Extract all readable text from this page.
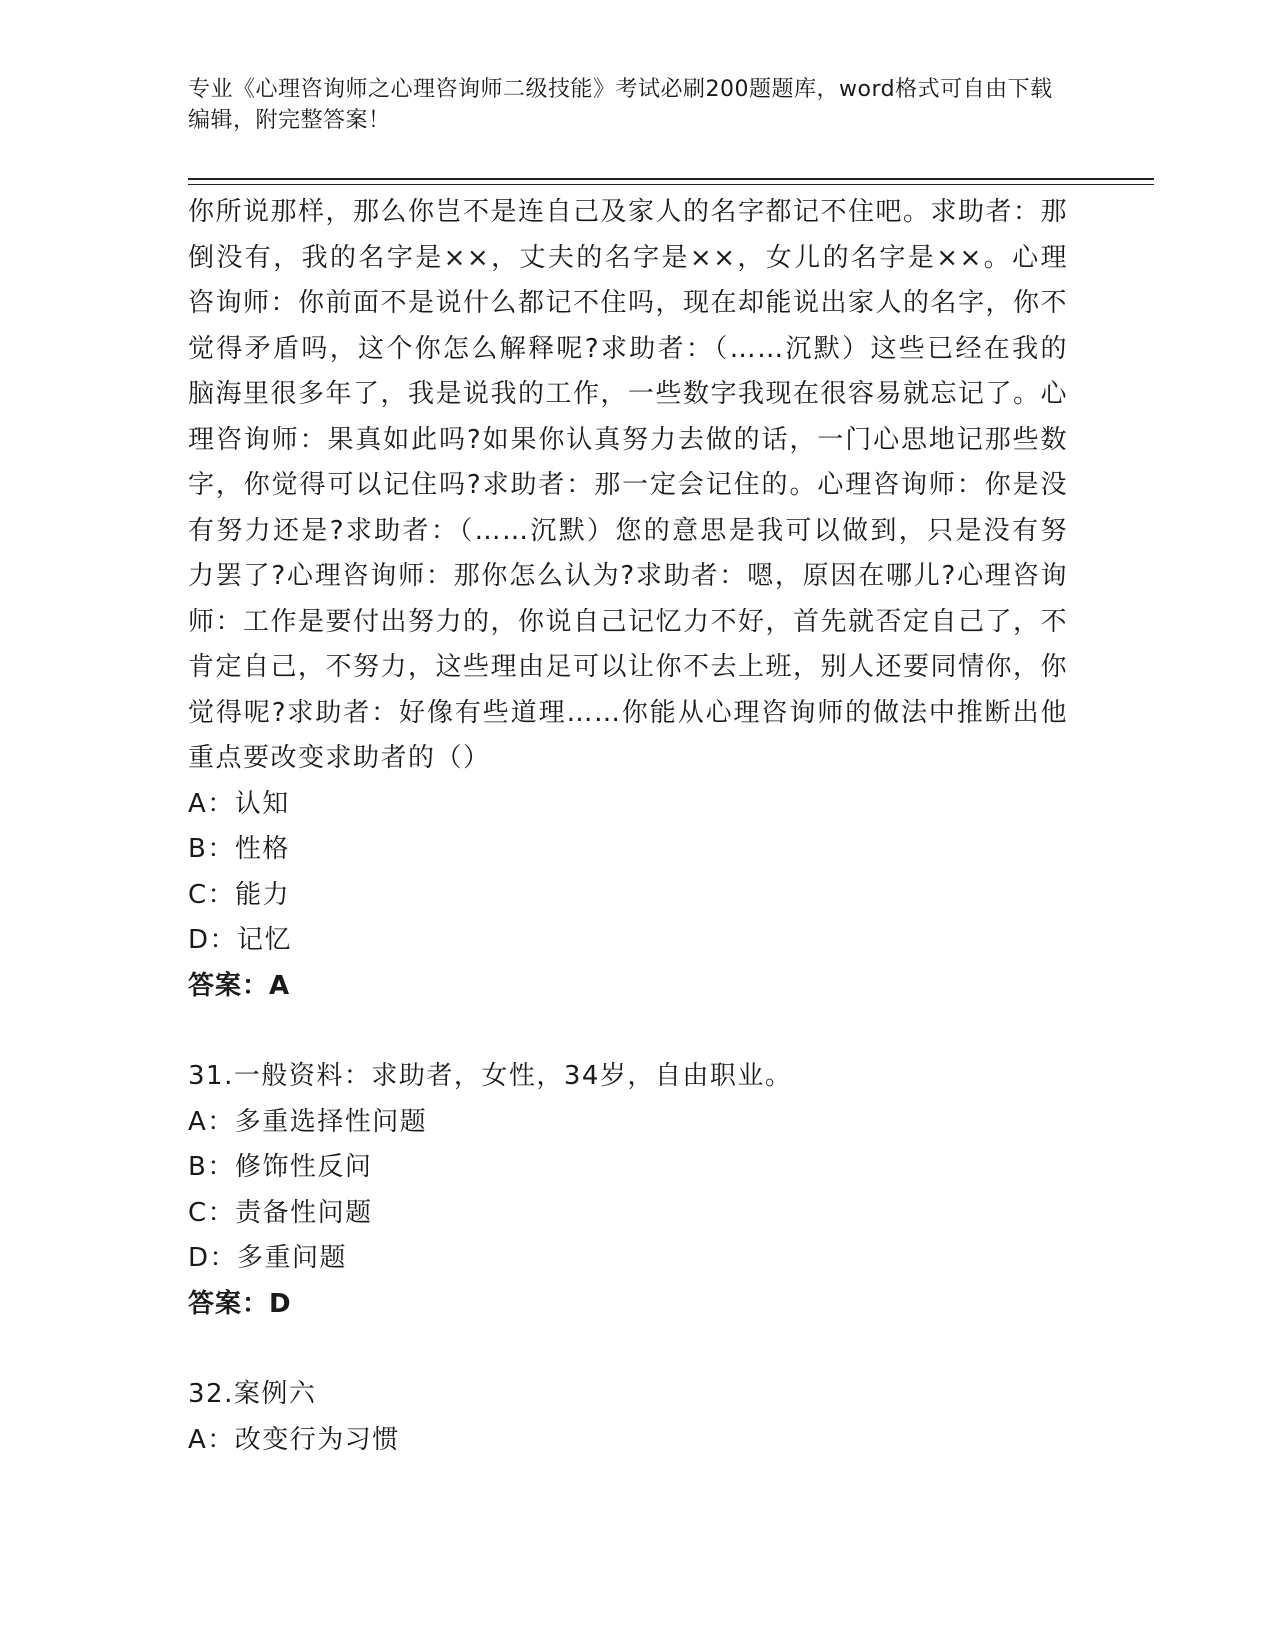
专业《心理咨询师之心理咨询师二级技能》考试必刷200题题库，word格式可自由下载编辑，附完整答案！

你所说那样，那么你岂不是连自己及家人的名字都记不住吧。求助者：那倒没有，我的名字是××，丈夫的名字是××，女儿的名字是××。心理咨询师：你前面不是说什么都记不住吗，现在却能说出家人的名字，你不觉得矛盾吗，这个你怎么解释呢?求助者：（……沉默）这些已经在我的脑海里很多年了，我是说我的工作，一些数字我现在很容易就忘记了。心理咨询师：果真如此吗?如果你认真努力去做的话，一门心思地记那些数字，你觉得可以记住吗?求助者：那一定会记住的。心理咨询师：你是没有努力还是?求助者：（……沉默）您的意思是我可以做到，只是没有努力罢了?心理咨询师：那你怎么认为?求助者：嗯，原因在哪儿?心理咨询师：工作是要付出努力的，你说自己记忆力不好，首先就否定自己了，不肯定自己，不努力，这些理由足可以让你不去上班，别人还要同情你，你觉得呢?求助者：好像有些道理……你能从心理咨询师的做法中推断出他重点要改变求助者的（）

A：认知

B：性格

C：能力

D：记忆

答案：A

31.一般资料：求助者，女性，34岁，自由职业。

A：多重选择性问题

B：修饰性反问

C：责备性问题

D：多重问题

答案：D

32.案例六

A：改变行为习惯
